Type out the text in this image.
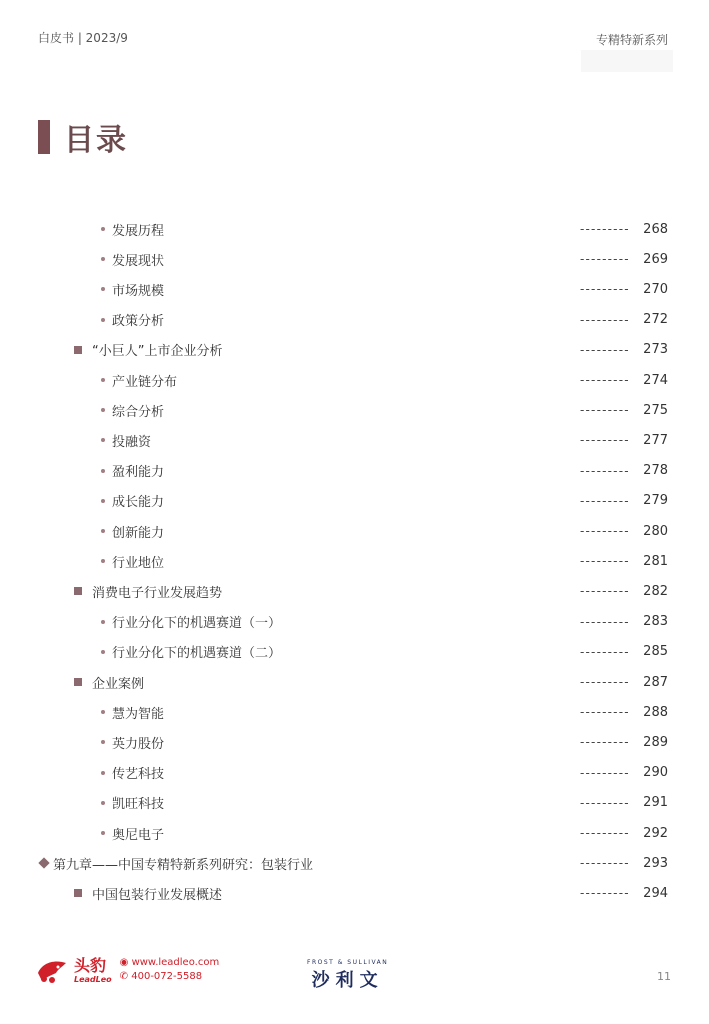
白皮书 | 2023/9	专精特新系列
目录
发展历程	--------- 268
发展现状	--------- 269
市场规模	--------- 270
政策分析	--------- 272
“小巨人”上市企业分析	--------- 273
产业链分布	--------- 274
综合分析	--------- 275
投融资	--------- 277
盈利能力	--------- 278
成长能力	--------- 279
创新能力	--------- 280
行业地位	--------- 281
消费电子行业发展趋势	--------- 282
行业分化下的机遇赛道（一）	--------- 283
行业分化下的机遇赛道（二）	--------- 285
企业案例	--------- 287
慧为智能	--------- 288
英力股份	--------- 289
传艺科技	--------- 290
凯旺科技	--------- 291
奥尼电子	--------- 292
第九章——中国专精特新系列研究：包装行业	--------- 293
中国包装行业发展概述	--------- 294
头豹
LeadLeo
◉ www.leadleo.com
✆ 400-072-5588
FROST & SULLIVAN
沙利文	11
